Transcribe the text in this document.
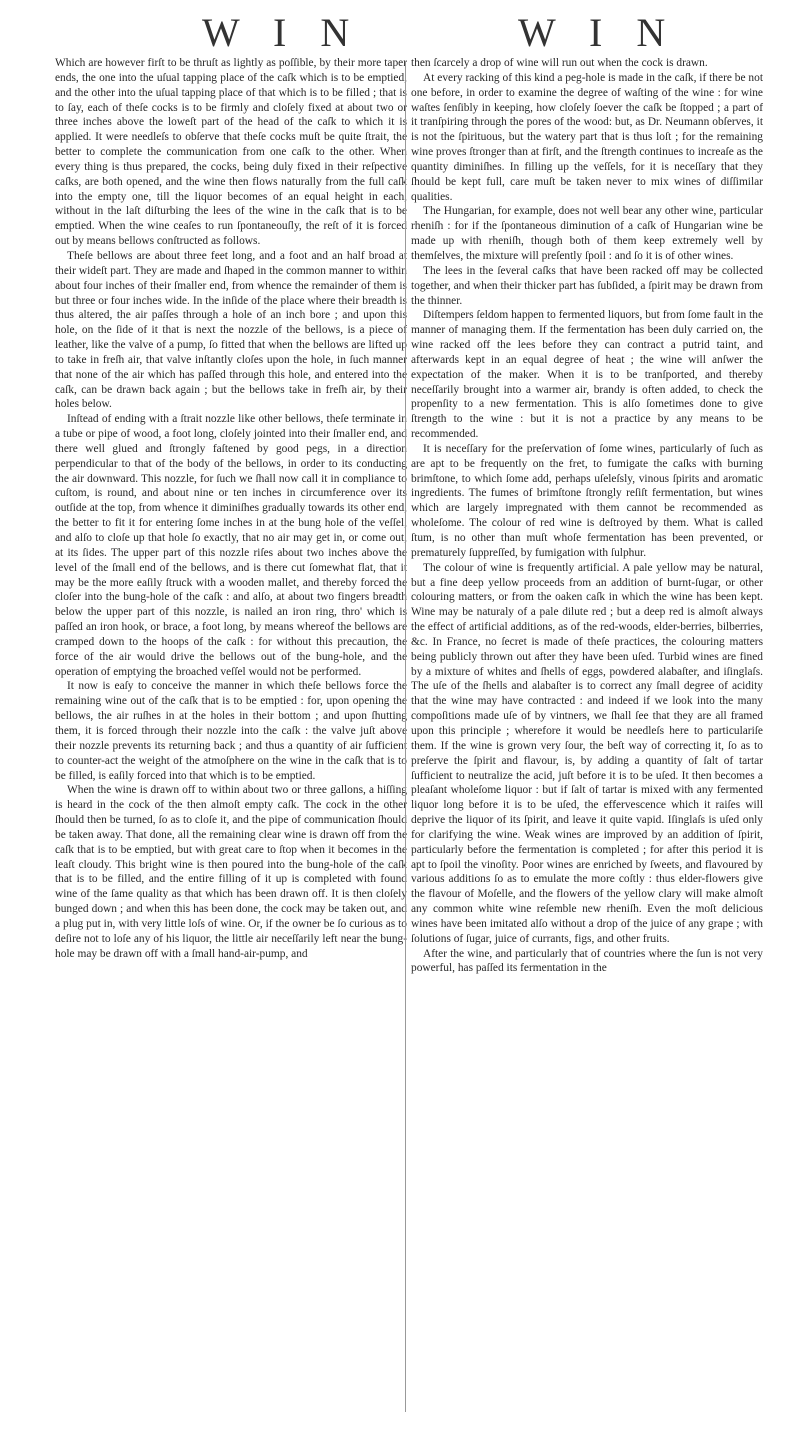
W I N	W I N

Which are however firſt to be thruſt as lightly as poſſible, by their more taper ends, the one into the uſual tapping place of the caſk which is to be emptied, and the other into the uſual tapping place of that which is to be filled ; that is to ſay, each of theſe cocks is to be firmly and cloſely fixed at about two or three inches above the loweſt part of the head of the caſk to which it is applied. It were needleſs to obſerve that theſe cocks muſt be quite ſtrait, the better to complete the communication from one caſk to the other. When every thing is thus prepared, the cocks, being duly fixed in their reſpective caſks, are both opened, and the wine then flows naturally from the full caſk into the empty one, till the liquor becomes of an equal height in each, without in the laſt diſturbing the lees of the wine in the caſk that is to be emptied. When the wine ceaſes to run ſpontaneouſly, the reſt of it is forced out by means bellows conſtructed as follows.

Theſe bellows are about three feet long, and a foot and an half broad at their wideſt part. They are made and ſhaped in the common manner to within about four inches of their ſmaller end, from whence the remainder of them is but three or four inches wide. In the inſide of the place where their breadth is thus altered, the air paſſes through a hole of an inch bore ; and upon this hole, on the ſide of it that is next the nozzle of the bellows, is a piece of leather, like the valve of a pump, ſo fitted that when the bellows are lifted up to take in freſh air, that valve inſtantly cloſes upon the hole, in ſuch manner that none of the air which has paſſed through this hole, and entered into the caſk, can be drawn back again ; but the bellows take in freſh air, by their holes below.

Inſtead of ending with a ſtrait nozzle like other bellows, theſe terminate in a tube or pipe of wood, a foot long, cloſely jointed into their ſmaller end, and there well glued and ſtrongly faſtened by good pegs, in a direction perpendicular to that of the body of the bellows, in order to its conducting the air downward. This nozzle, for ſuch we ſhall now call it in compliance to cuſtom, is round, and about nine or ten inches in circumference over its outſide at the top, from whence it diminiſhes gradually towards its other end, the better to fit it for entering ſome inches in at the bung hole of the veſſel, and alſo to cloſe up that hole ſo exactly, that no air may get in, or come out, at its ſides. The upper part of this nozzle riſes about two inches above the level of the ſmall end of the bellows, and is there cut ſomewhat flat, that it may be the more eaſily ſtruck with a wooden mallet, and thereby forced the cloſer into the bung-hole of the caſk : and alſo, at about two fingers breadth below the upper part of this nozzle, is nailed an iron ring, thro' which is paſſed an iron hook, or brace, a foot long, by means whereof the bellows are cramped down to the hoops of the caſk : for without this precaution, the force of the air would drive the bellows out of the bung-hole, and the operation of emptying the broached veſſel would not be performed.

It now is eaſy to conceive the manner in which theſe bellows force the remaining wine out of the caſk that is to be emptied : for, upon opening the bellows, the air ruſhes in at the holes in their bottom ; and upon ſhutting them, it is forced through their nozzle into the caſk : the valve juſt above their nozzle prevents its returning back ; and thus a quantity of air ſufficient to counter-act the weight of the atmoſphere on the wine in the caſk that is to be filled, is eaſily forced into that which is to be emptied.

When the wine is drawn off to within about two or three gallons, a hiſſing is heard in the cock of the then almoſt empty caſk. The cock in the other ſhould then be turned, ſo as to cloſe it, and the pipe of communication ſhould be taken away. That done, all the remaining clear wine is drawn off from the caſk that is to be emptied, but with great care to ſtop when it becomes in the leaſt cloudy. This bright wine is then poured into the bung-hole of the caſk that is to be filled, and the entire filling of it up is completed with found wine of the ſame quality as that which has been drawn off. It is then cloſely bunged down ; and when this has been done, the cock may be taken out, and a plug put in, with very little loſs of wine. Or, if the owner be ſo curious as to deſire not to loſe any of his liquor, the little air neceſſarily left near the bung-hole may be drawn off with a ſmall hand-air-pump, and

then ſcarcely a drop of wine will run out when the cock is drawn.

At every racking of this kind a peg-hole is made in the caſk, if there be not one before, in order to examine the degree of waſting of the wine : for wine waſtes ſenſibly in keeping, how cloſely ſoever the caſk be ſtopped ; a part of it tranſpiring through the pores of the wood: but, as Dr. Neumann obſerves, it is not the ſpirituous, but the watery part that is thus loſt ; for the remaining wine proves ſtronger than at firſt, and the ſtrength continues to increaſe as the quantity diminiſhes. In filling up the veſſels, for it is neceſſary that they ſhould be kept full, care muſt be taken never to mix wines of diſſimilar qualities.

The Hungarian, for example, does not well bear any other wine, particular rheniſh : for if the ſpontaneous diminution of a caſk of Hungarian wine be made up with rheniſh, though both of them keep extremely well by themſelves, the mixture will preſently ſpoil : and ſo it is of other wines.

The lees in the ſeveral caſks that have been racked off may be collected together, and when their thicker part has ſubſided, a ſpirit may be drawn from the thinner.

Diſtempers ſeldom happen to fermented liquors, but from ſome fault in the manner of managing them. If the fermentation has been duly carried on, the wine racked off the lees before they can contract a putrid taint, and afterwards kept in an equal degree of heat ; the wine will anſwer the expectation of the maker. When it is to be tranſported, and thereby neceſſarily brought into a warmer air, brandy is often added, to check the propenſity to a new fermentation. This is alſo ſometimes done to give ſtrength to the wine : but it is not a practice by any means to be recommended.

It is neceſſary for the preſervation of ſome wines, particularly of ſuch as are apt to be frequently on the fret, to fumigate the caſks with burning brimſtone, to which ſome add, perhaps uſeleſsly, vinous ſpirits and aromatic ingredients. The fumes of brimſtone ſtrongly reſiſt fermentation, but wines which are largely impregnated with them cannot be recommended as wholeſome. The colour of red wine is deſtroyed by them. What is called ſtum, is no other than muſt whoſe fermentation has been prevented, or prematurely ſuppreſſed, by fumigation with ſulphur.

The colour of wine is frequently artificial. A pale yellow may be natural, but a fine deep yellow proceeds from an addition of burnt-ſugar, or other colouring matters, or from the oaken caſk in which the wine has been kept. Wine may be naturaly of a pale dilute red ; but a deep red is almoſt always the effect of artificial additions, as of the red-woods, elder-berries, bilberries, &c. In France, no ſecret is made of theſe practices, the colouring matters being publicly thrown out after they have been uſed. Turbid wines are fined by a mixture of whites and ſhells of eggs, powdered alabaſter, and iſinglaſs. The uſe of the ſhells and alabaſter is to correct any ſmall degree of acidity that the wine may have contracted : and indeed if we look into the many compoſitions made uſe of by vintners, we ſhall ſee that they are all framed upon this principle ; wherefore it would be needleſs here to particulariſe them. If the wine is grown very ſour, the beſt way of correcting it, ſo as to preſerve the ſpirit and flavour, is, by adding a quantity of ſalt of tartar ſufficient to neutralize the acid, juſt before it is to be uſed. It then becomes a pleaſant wholeſome liquor : but if ſalt of tartar is mixed with any fermented liquor long before it is to be uſed, the effervescence which it raiſes will deprive the liquor of its ſpirit, and leave it quite vapid. Iſinglaſs is uſed only for clarifying the wine. Weak wines are improved by an addition of ſpirit, particularly before the fermentation is completed ; for after this period it is apt to ſpoil the vinoſity. Poor wines are enriched by ſweets, and flavoured by various additions ſo as to emulate the more coſtly : thus elder-flowers give the flavour of Moſelle, and the flowers of the yellow clary will make almoſt any common white wine reſemble new rheniſh. Even the moſt delicious wines have been imitated alſo without a drop of the juice of any grape ; with ſolutions of ſugar, juice of currants, figs, and other fruits.

After the wine, and particularly that of countries where the ſun is not very powerful, has paſſed its fermentation in the
